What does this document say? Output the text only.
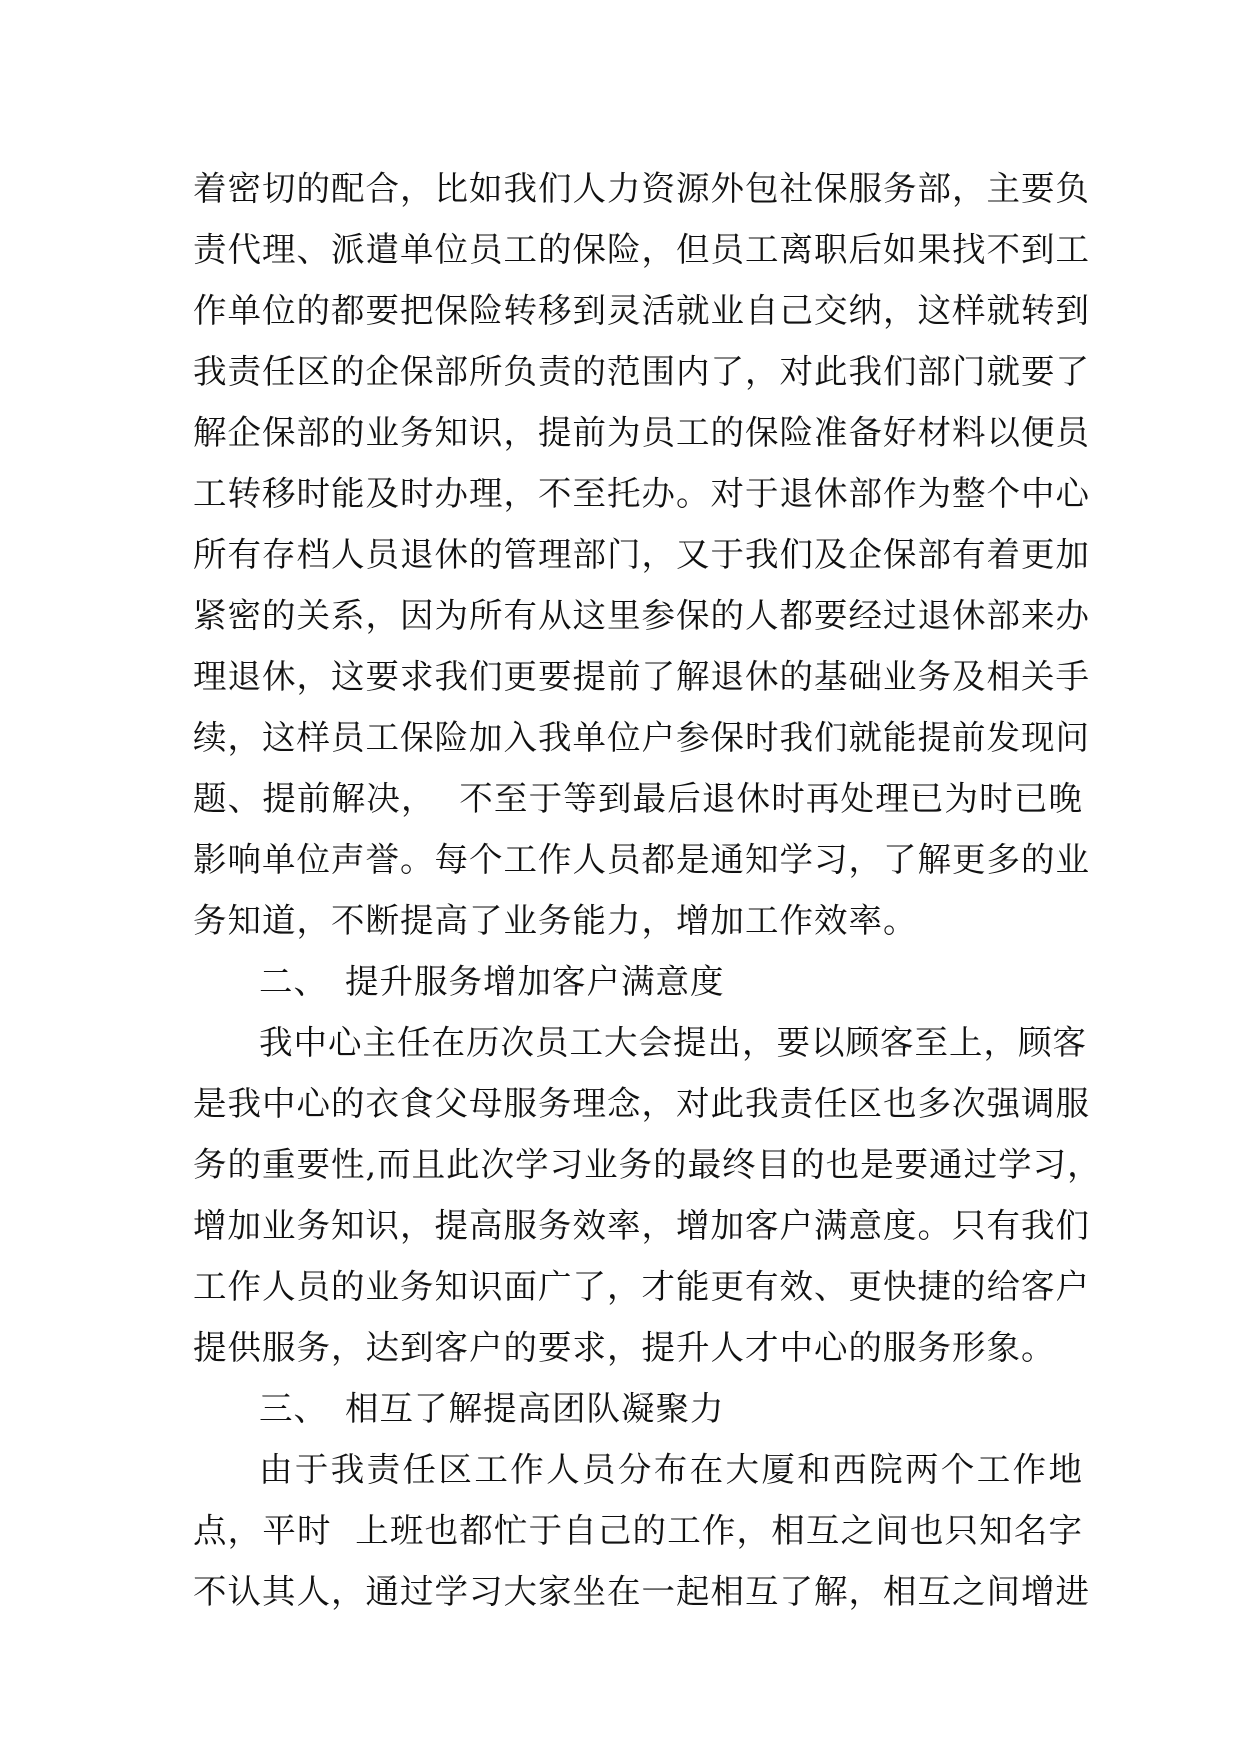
着密切的配合，比如我们人力资源外包社保服务部，主要负
责代理、派遣单位员工的保险，但员工离职后如果找不到工
作单位的都要把保险转移到灵活就业自己交纳，这样就转到
我责任区的企保部所负责的范围内了，对此我们部门就要了
解企保部的业务知识，提前为员工的保险准备好材料以便员
工转移时能及时办理，不至托办。对于退休部作为整个中心
所有存档人员退休的管理部门，又于我们及企保部有着更加
紧密的关系，因为所有从这里参保的人都要经过退休部来办
理退休，这要求我们更要提前了解退休的基础业务及相关手
续，这样员工保险加入我单位户参保时我们就能提前发现问
题、提前解决，  不至于等到最后退休时再处理已为时已晚
影响单位声誉。每个工作人员都是通知学习，了解更多的业
务知道，不断提高了业务能力，增加工作效率。
二、 提升服务增加客户满意度
我中心主任在历次员工大会提出，要以顾客至上，顾客
是我中心的衣食父母服务理念，对此我责任区也多次强调服
务的重要性,而且此次学习业务的最终目的也是要通过学习，
增加业务知识，提高服务效率，增加客户满意度。只有我们
工作人员的业务知识面广了，才能更有效、更快捷的给客户
提供服务，达到客户的要求，提升人才中心的服务形象。
三、 相互了解提高团队凝聚力
由于我责任区工作人员分布在大厦和西院两个工作地
点，平时  上班也都忙于自己的工作，相互之间也只知名字
不认其人，通过学习大家坐在一起相互了解，相互之间增进
